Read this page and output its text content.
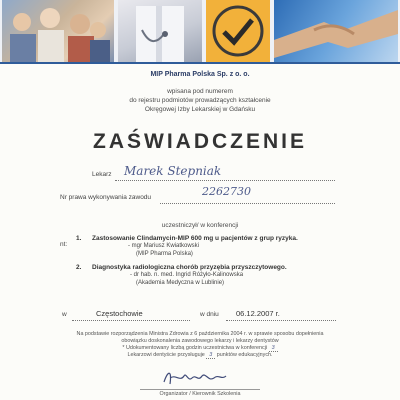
MIP Pharma Polska Sp. z o. o.
wpisana pod numerem
do rejestru podmiotów prowadzących kształcenie
Okręgowej Izby Lekarskiej w Gdańsku
ZAŚWIADCZENIE
Lekarz Marek Stepniak
Nr prawa wykonywania zawodu	2262730
uczestniczył/ w konferencji
nt:
1. Zastosowanie Clindamycin-MIP 600 mg u pacjentów z grup ryzyka.
- mgr Mariusz Kwiatkowski
(MIP Pharma Polska)
2. Diagnostyka radiologiczna chorób przyzębia przyszczytowego.
- dr hab. n. med. Ingrid Różyło-Kalinowska
(Akademia Medyczna w Lublinie)
w	Częstochowie	w dniu 06.12.2007 r.
Na podstawie rozporządzenia Ministra Zdrowia z 6 października 2004 r. w sprawie sposobu dopełnienia
obowiązku doskonalenia zawodowego lekarzy i lekarzy dentystów
* Udokumentowany liczbą godzin uczestnictwa w konferencji 3
Lekarzowi dentyście przysługuje 3 punktów edukacyjnych.
Organizator / Kierownik Szkolenia
